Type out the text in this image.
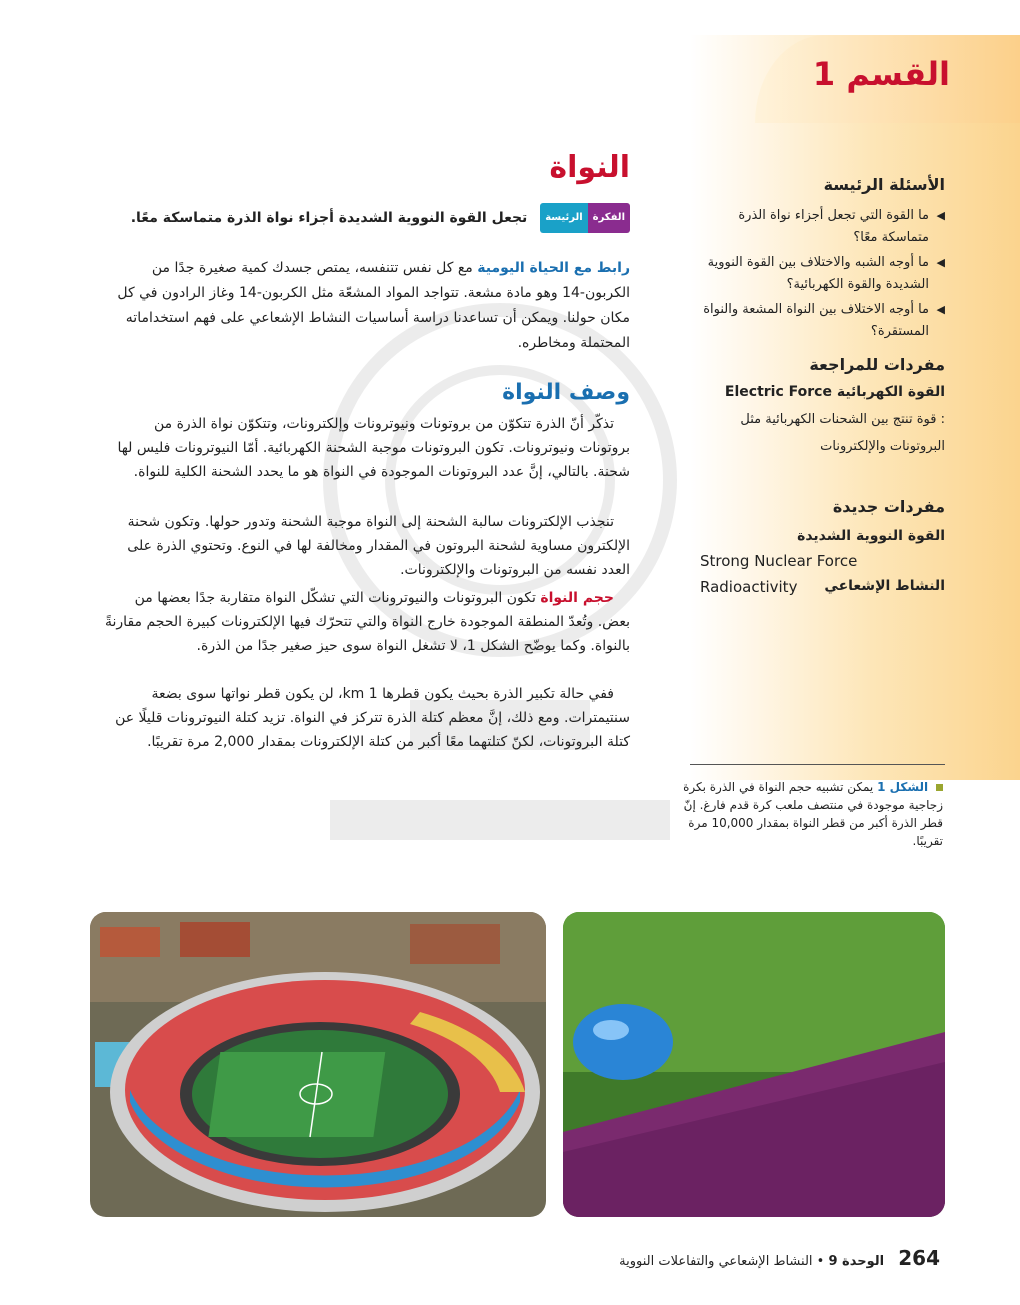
القسم 1
النواة
الفكرة
الرئيسة
تجعل القوة النووية الشديدة أجزاء نواة الذرة متماسكة معًا.
رابط مع الحياة اليومية مع كل نفس تتنفسه، يمتص جسدك كمية صغيرة جدًا من الكربون-14 وهو مادة مشعة. تتواجد المواد المشعّة مثل الكربون-14 وغاز الرادون في كل مكان حولنا. ويمكن أن تساعدنا دراسة أساسيات النشاط الإشعاعي على فهم استخداماته المحتملة ومخاطره.
وصف النواة
تذكّر أنّ الذرة تتكوّن من بروتونات ونيوترونات وإلكترونات، وتتكوّن نواة الذرة من بروتونات ونيوترونات. تكون البروتونات موجبة الشحنة الكهربائية. أمّا النيوترونات فليس لها شحنة. بالتالي، إنَّ عدد البروتونات الموجودة في النواة هو ما يحدد الشحنة الكلية للنواة.
تنجذب الإلكترونات سالبة الشحنة إلى النواة موجبة الشحنة وتدور حولها. وتكون شحنة الإلكترون مساوية لشحنة البروتون في المقدار ومخالفة لها في النوع. وتحتوي الذرة على العدد نفسه من البروتونات والإلكترونات.
حجم النواة تكون البروتونات والنيوترونات التي تشكّل النواة متقاربة جدًا بعضها من بعض. وتُعدّ المنطقة الموجودة خارج النواة والتي تتحرّك فيها الإلكترونات كبيرة الحجم مقارنةً بالنواة. وكما يوضّح الشكل 1، لا تشغل النواة سوى حيز صغير جدًا من الذرة.
ففي حالة تكبير الذرة بحيث يكون قطرها 1 km، لن يكون قطر نواتها سوى بضعة سنتيمترات. ومع ذلك، إنَّ معظم كتلة الذرة تتركز في النواة. تزيد كتلة النيوترونات قليلًا عن كتلة البروتونات، لكنّ كتلتهما معًا أكبر من كتلة الإلكترونات بمقدار 2,000 مرة تقريبًا.
الأسئلة الرئيسة
◀ ما القوة التي تجعل أجزاء نواة الذرة متماسكة معًا؟
◀ ما أوجه الشبه والاختلاف بين القوة النووية الشديدة والقوة الكهربائية؟
◀ ما أوجه الاختلاف بين النواة المشعة والنواة المستقرة؟
مفردات للمراجعة
القوة الكهربائية Electric Force
: قوة تنتج بين الشحنات الكهربائية مثل البروتونات والإلكترونات
مفردات جديدة
القوة النووية الشديدة
Strong Nuclear Force
Radioactivity النشاط الإشعاعي
الشكل 1 يمكن تشبيه حجم النواة في الذرة بكرة زجاجية موجودة في منتصف ملعب كرة قدم فارغ. إنّ قطر الذرة أكبر من قطر النواة بمقدار 10,000 مرة تقريبًا.
264 الوحدة 9 • النشاط الإشعاعي والتفاعلات النووية
